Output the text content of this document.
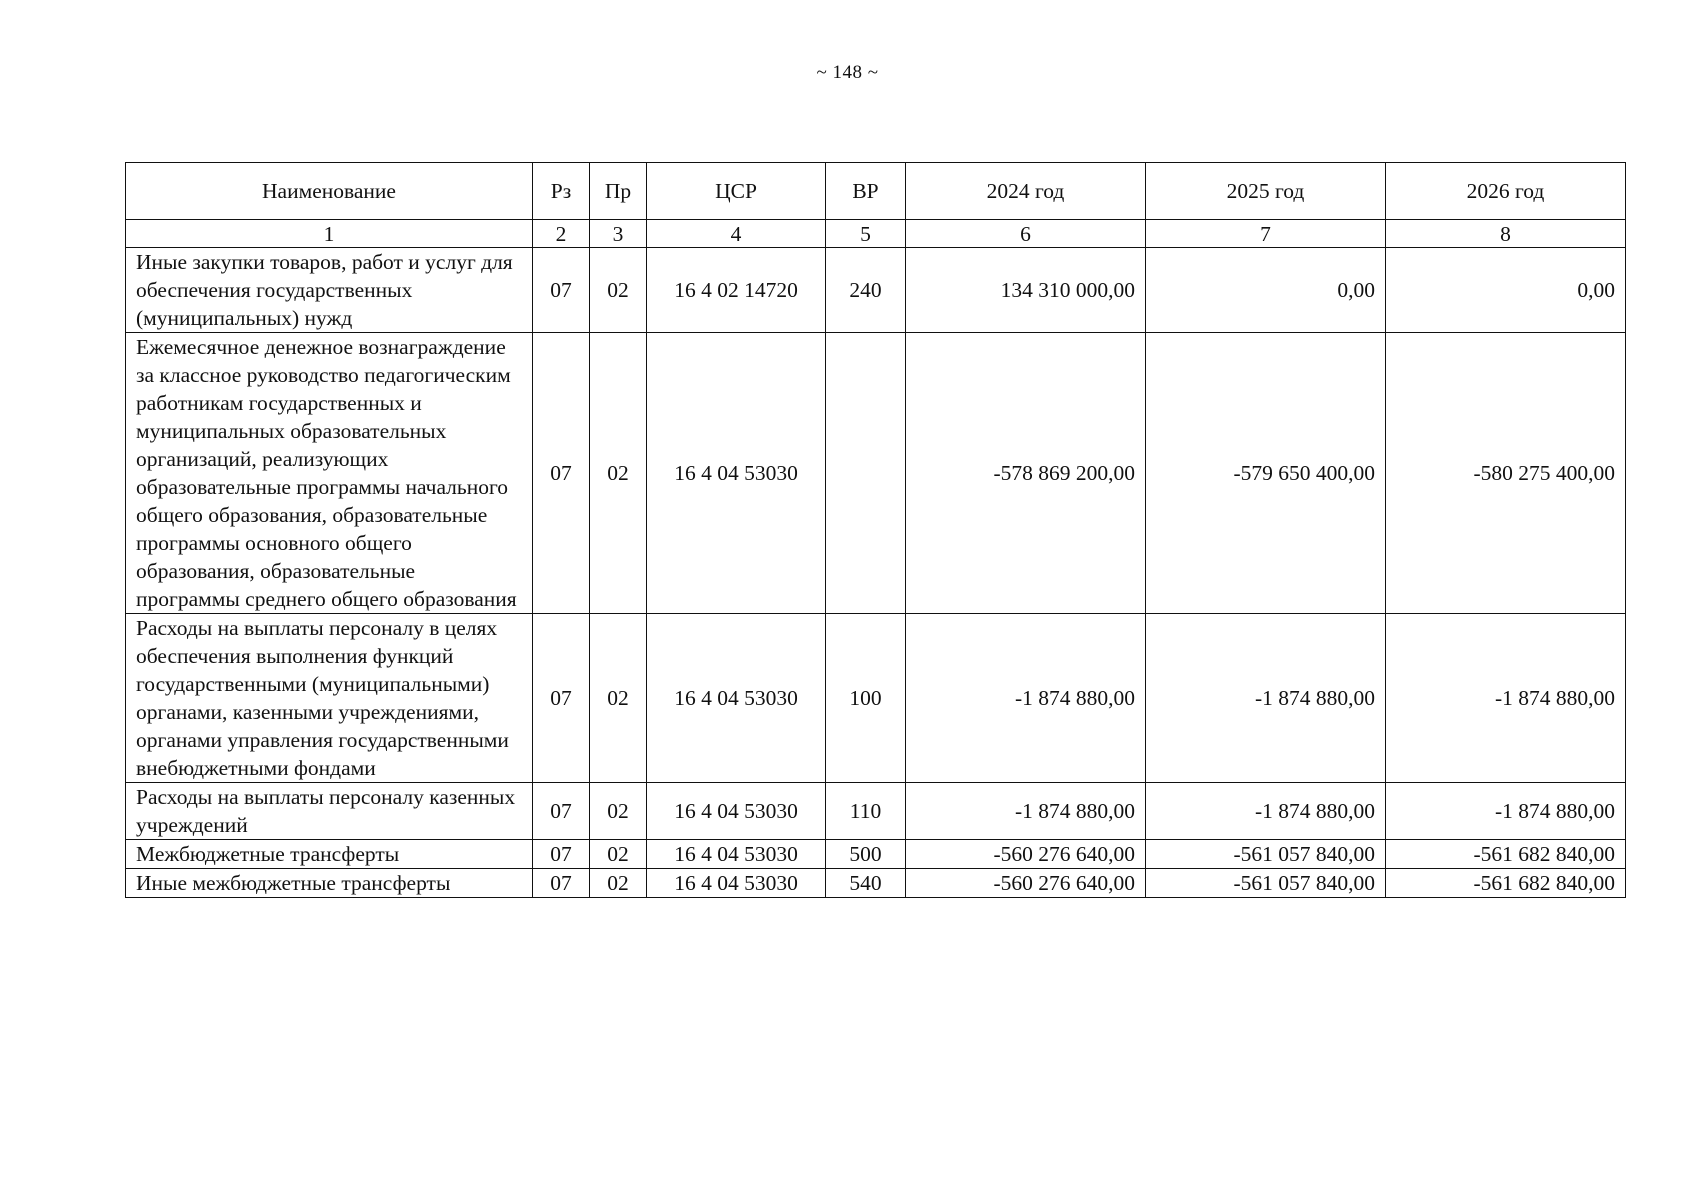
~ 148 ~
Наименование	Рз	Пр	ЦСР	ВР	2024 год	2025 год	2026 год
1	2	3	4	5	6	7	8
Иные закупки товаров, работ и услуг для обеспечения государственных (муниципальных) нужд	07	02	16 4 02 14720	240	134 310 000,00	0,00	0,00
Ежемесячное денежное вознаграждение за классное руководство педагогическим работникам государственных и муниципальных образовательных организаций, реализующих образовательные программы начального общего образования, образовательные программы основного общего образования, образовательные программы среднего общего образования	07	02	16 4 04 53030		-578 869 200,00	-579 650 400,00	-580 275 400,00
Расходы на выплаты персоналу в целях обеспечения выполнения функций государственными (муниципальными) органами, казенными учреждениями, органами управления государственными внебюджетными фондами	07	02	16 4 04 53030	100	-1 874 880,00	-1 874 880,00	-1 874 880,00
Расходы на выплаты персоналу казенных учреждений	07	02	16 4 04 53030	110	-1 874 880,00	-1 874 880,00	-1 874 880,00
Межбюджетные трансферты	07	02	16 4 04 53030	500	-560 276 640,00	-561 057 840,00	-561 682 840,00
Иные межбюджетные трансферты	07	02	16 4 04 53030	540	-560 276 640,00	-561 057 840,00	-561 682 840,00
